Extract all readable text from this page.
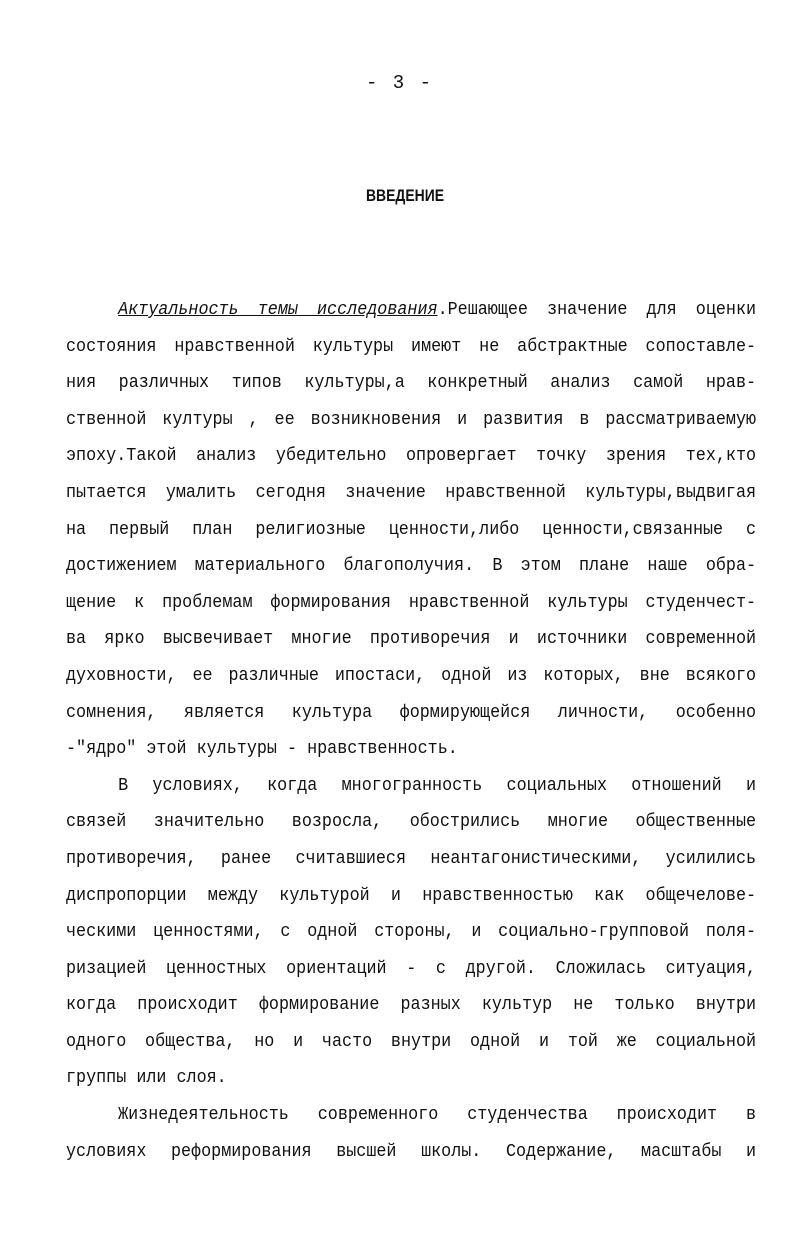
- 3 -
ВВЕДЕНИЕ
Актуальность темы исследования.Решающее значение для оценки
состояния нравственной культуры имеют не абстрактные сопоставле-
ния различных типов культуры,а конкретный анализ самой нрав-
ственной културы , ее возникновения и развития в рассматриваемую
эпоху.Такой анализ убедительно опровергает точку зрения тех,кто
пытается умалить сегодня значение нравственной культуры,выдвигая
на первый план религиозные ценности,либо ценности,связанные с
достижением материального благополучия. В этом плане наше обра-
щение к проблемам формирования нравственной культуры студенчест-
ва ярко высвечивает многие противоречия и источники современной
духовности, ее различные ипостаси, одной из которых, вне всякого
сомнения, является культура формирующейся личности, особенно
-"ядро" этой культуры - нравственность.
В условиях, когда многогранность социальных отношений и
связей значительно возросла, обострились многие общественные
противоречия, ранее считавшиеся неантагонистическими, усилились
диспропорции между культурой и нравственностью как общечелове-
ческими ценностями, с одной стороны, и социально-групповой поля-
ризацией ценностных ориентаций - с другой. Сложилась ситуация,
когда происходит формирование разных культур не только внутри
одного общества, но и часто внутри одной и той же социальной
группы или слоя.
Жизнедеятельность современного студенчества происходит в
условиях реформирования высшей школы. Содержание, масштабы и
